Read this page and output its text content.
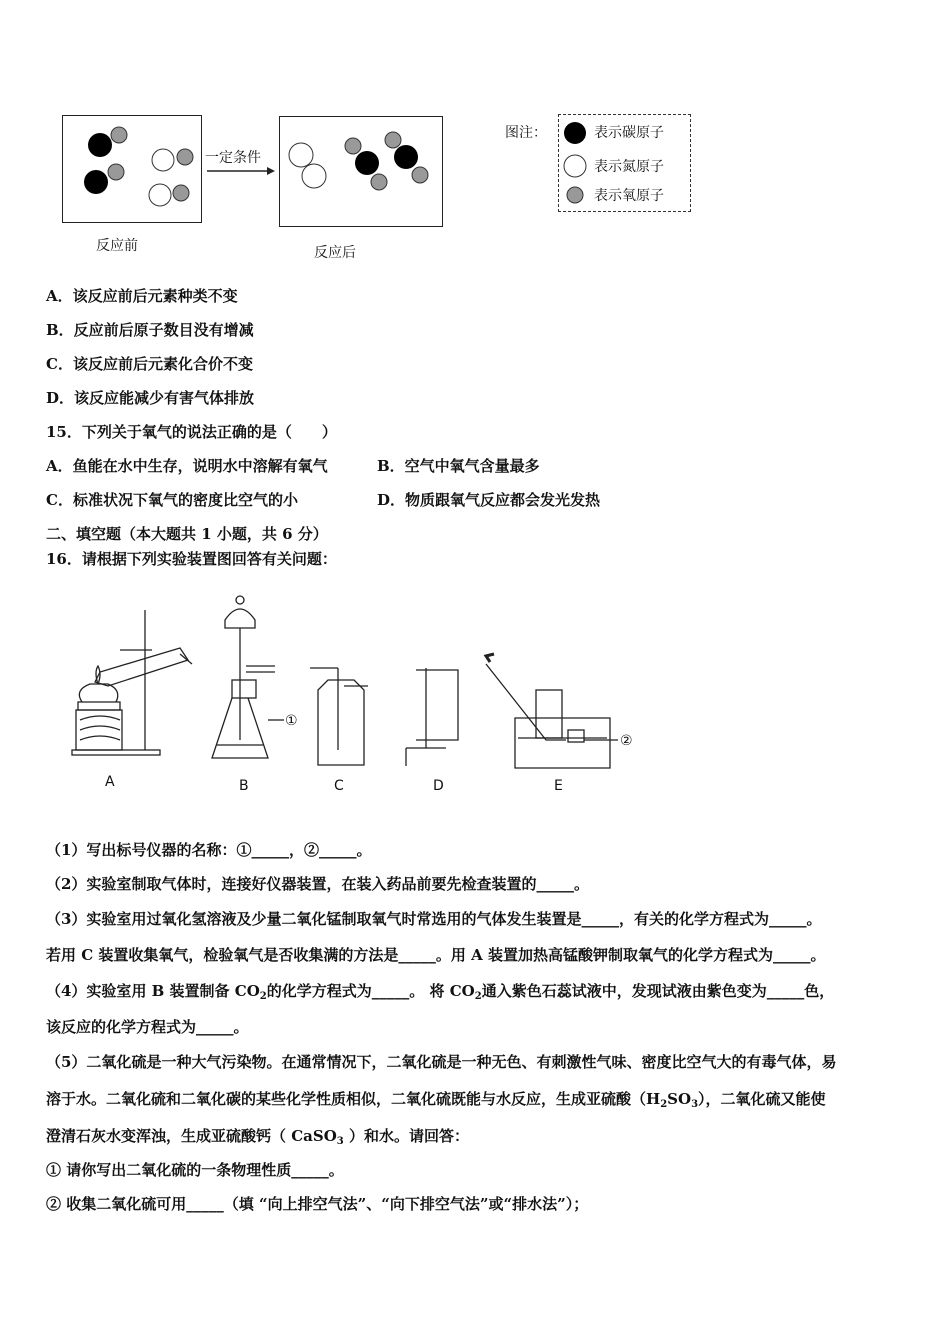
反应前
一定条件
反应后
图注：	表示碳原子
表示氮原子
表示氧原子
A．该反应前后元素种类不变
B．反应前后原子数目没有增减
C．该反应前后元素化合价不变
D．该反应能减少有害气体排放
15．下列关于氧气的说法正确的是（　　）
A．鱼能在水中生存，说明水中溶解有氧气	B．空气中氧气含量最多
C．标准状况下氧气的密度比空气的小	D．物质跟氧气反应都会发光发热
二、填空题（本大题共 1 小题，共 6 分）
16．请根据下列实验装置图回答有关问题：
①
②
A	B	C	D	E
（1）写出标号仪器的名称：①_____，②_____。
（2）实验室制取气体时，连接好仪器装置，在装入药品前要先检查装置的_____。
（3）实验室用过氧化氢溶液及少量二氧化锰制取氧气时常选用的气体发生装置是_____，有关的化学方程式为_____。
若用 C 装置收集氧气，检验氧气是否收集满的方法是_____。用 A 装置加热高锰酸钾制取氧气的化学方程式为_____。
（4）实验室用 B 装置制备 $CO_2$的化学方程式为_____。 将 $CO_2$通入紫色石蕊试液中，发现试液由紫色变为_____色，
该反应的化学方程式为_____。
（5）二氧化硫是一种大气污染物。在通常情况下，二氧化硫是一种无色、有刺激性气味、密度比空气大的有毒气体，易
溶于水。二氧化硫和二氧化碳的某些化学性质相似，二氧化硫既能与水反应，生成亚硫酸$(H_2SO_3)$，二氧化硫又能使
澄清石灰水变浑浊，生成亚硫酸钙（ CaSO$_3$ ）和水。请回答：
① 请你写出二氧化硫的一条物理性质_____。
② 收集二氧化硫可用_____（填 “向上排空气法”、“向下排空气法”或“排水法”）；
